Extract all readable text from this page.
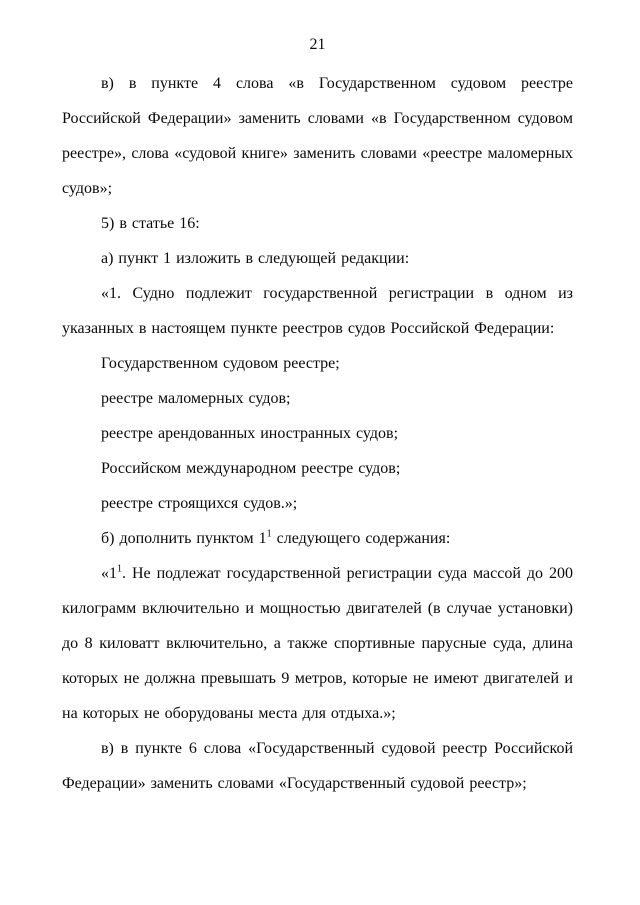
21

в) в пункте 4 слова «в Государственном судовом реестре Российской Федерации» заменить словами «в Государственном судовом реестре», слова «судовой книге» заменить словами «реестре маломерных судов»;

5) в статье 16:

а) пункт 1 изложить в следующей редакции:

«1. Судно подлежит государственной регистрации в одном из указанных в настоящем пункте реестров судов Российской Федерации:

Государственном судовом реестре;

реестре маломерных судов;

реестре арендованных иностранных судов;

Российском международном реестре судов;

реестре строящихся судов.»;

б) дополнить пунктом $1^1$ следующего содержания:

«$1^1$. Не подлежат государственной регистрации суда массой до 200 килограмм включительно и мощностью двигателей (в случае установки) до 8 киловатт включительно, а также спортивные парусные суда, длина которых не должна превышать 9 метров, которые не имеют двигателей и на которых не оборудованы места для отдыха.»;

в) в пункте 6 слова «Государственный судовой реестр Российской Федерации» заменить словами «Государственный судовой реестр»;
